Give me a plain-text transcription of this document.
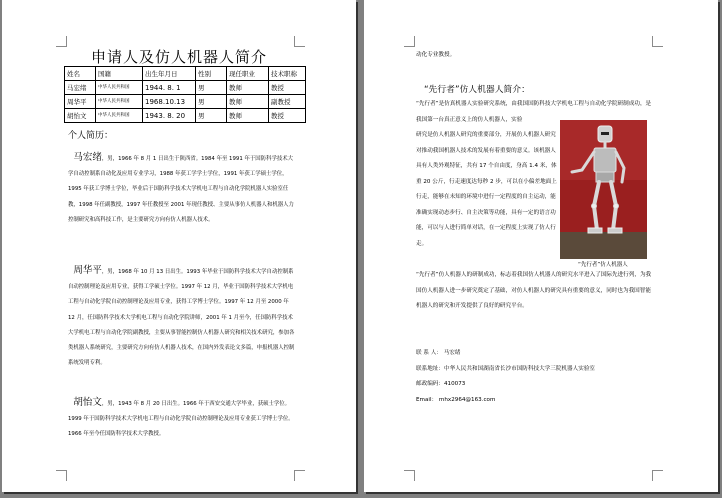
申请人及仿人机器人简介
姓名	国籍	出生年月日	性别	现任职业	技术职称
马宏绪	中华人民共和国	1944. 8. 1	男	教师	教授
周华平	中华人民共和国	1968.10.13	男	教师	副教授
胡怡文	中华人民共和国	1943. 8. 20	男	教师	教授
个人简历：

 马宏绪，男，1966 年 8 月 1 日出生于陕西省。1984 年至 1991 年于国防科学技术大学自动控制系自动化及应用专业学习，1988 年获工学学士学位，1991 年获工学硕士学位，1995 年获工学博士学位，毕业后于国防科学技术大学机电工程与自动化学院机器人实验室任教，1998 年任副教授，1997 年任教授至 2001 年现任教授、主要从事仿人机器人和机器人力控制研究和高科技工作，是主要研究方向有仿人机器人技术。

 周华平，男，1968 年 10 月 13 日出生。1993 年毕业于国防科学技术大学自动控制系自动控制理论及应用专业，获得工学硕士学位。1997 年 12 月，毕业于国防科学技术大学机电工程与自动化学院自动控制理论及应用专业，获得工学博士学位。1997 年 12 月至 2000 年 12 月，任国防科学技术大学机电工程与自动化学院讲师，2001 年 1 月至今，任国防科学技术大学机电工程与自动化学院副教授，主要从事智能控制仿人机器人研究和相关技术研究，参加各类机器人系统研究，主要研究方向有仿人机器人技术，在国内外发表论文多篇，申报机器人控制系统发明专利。

 胡怡文，男，1943 年 8 月 20 日出生。1966 年于西安交通大学毕业，获硕士学位。1999 年于国防科学技术大学机电工程与自动化学院自动控制理论及应用专业获工学博士学位。1966 年至今任国防科学技术大学教授。

动化专业教授。

“先行者”仿人机器人简介：

“先行者”是仿真机器人实验研究系统，由我国国防科技大学机电工程与自动化学院研制成功，是我国第一台真正意义上的仿人机器人，实验

研究是仿人机器人研究的重要部分，开展仿人机器人研究对推动我国机器人技术的发展有着重要的意义。该机器人具有人类外观特征，共有 17 个自由度，身高 1.4 米，体重 20 公斤，行走速度达每秒 2 步，可以在小偏差地面上行走，能够在未知的环境中进行一定程度的自主运动，能准确实现动态步行、自主决策等功能，具有一定的语言功能，可以与人进行简单对话，在一定程度上实现了仿人行走。

“先行者”仿人机器人

“先行者”仿人机器人的研制成功，标志着我国仿人机器人的研究水平进入了国际先进行列，为我国仿人机器人进一步研究奠定了基础，对仿人机器人的研究具有重要的意义，同时也为我国智能机器人的研究和开发提供了良好的研究平台。

联 系 人： 马宏绪
联系地址：中华人民共和国湖南省长沙市国防科技大学三院机器人实验室
邮政编码：410073
Email： mhx2964@163.com
